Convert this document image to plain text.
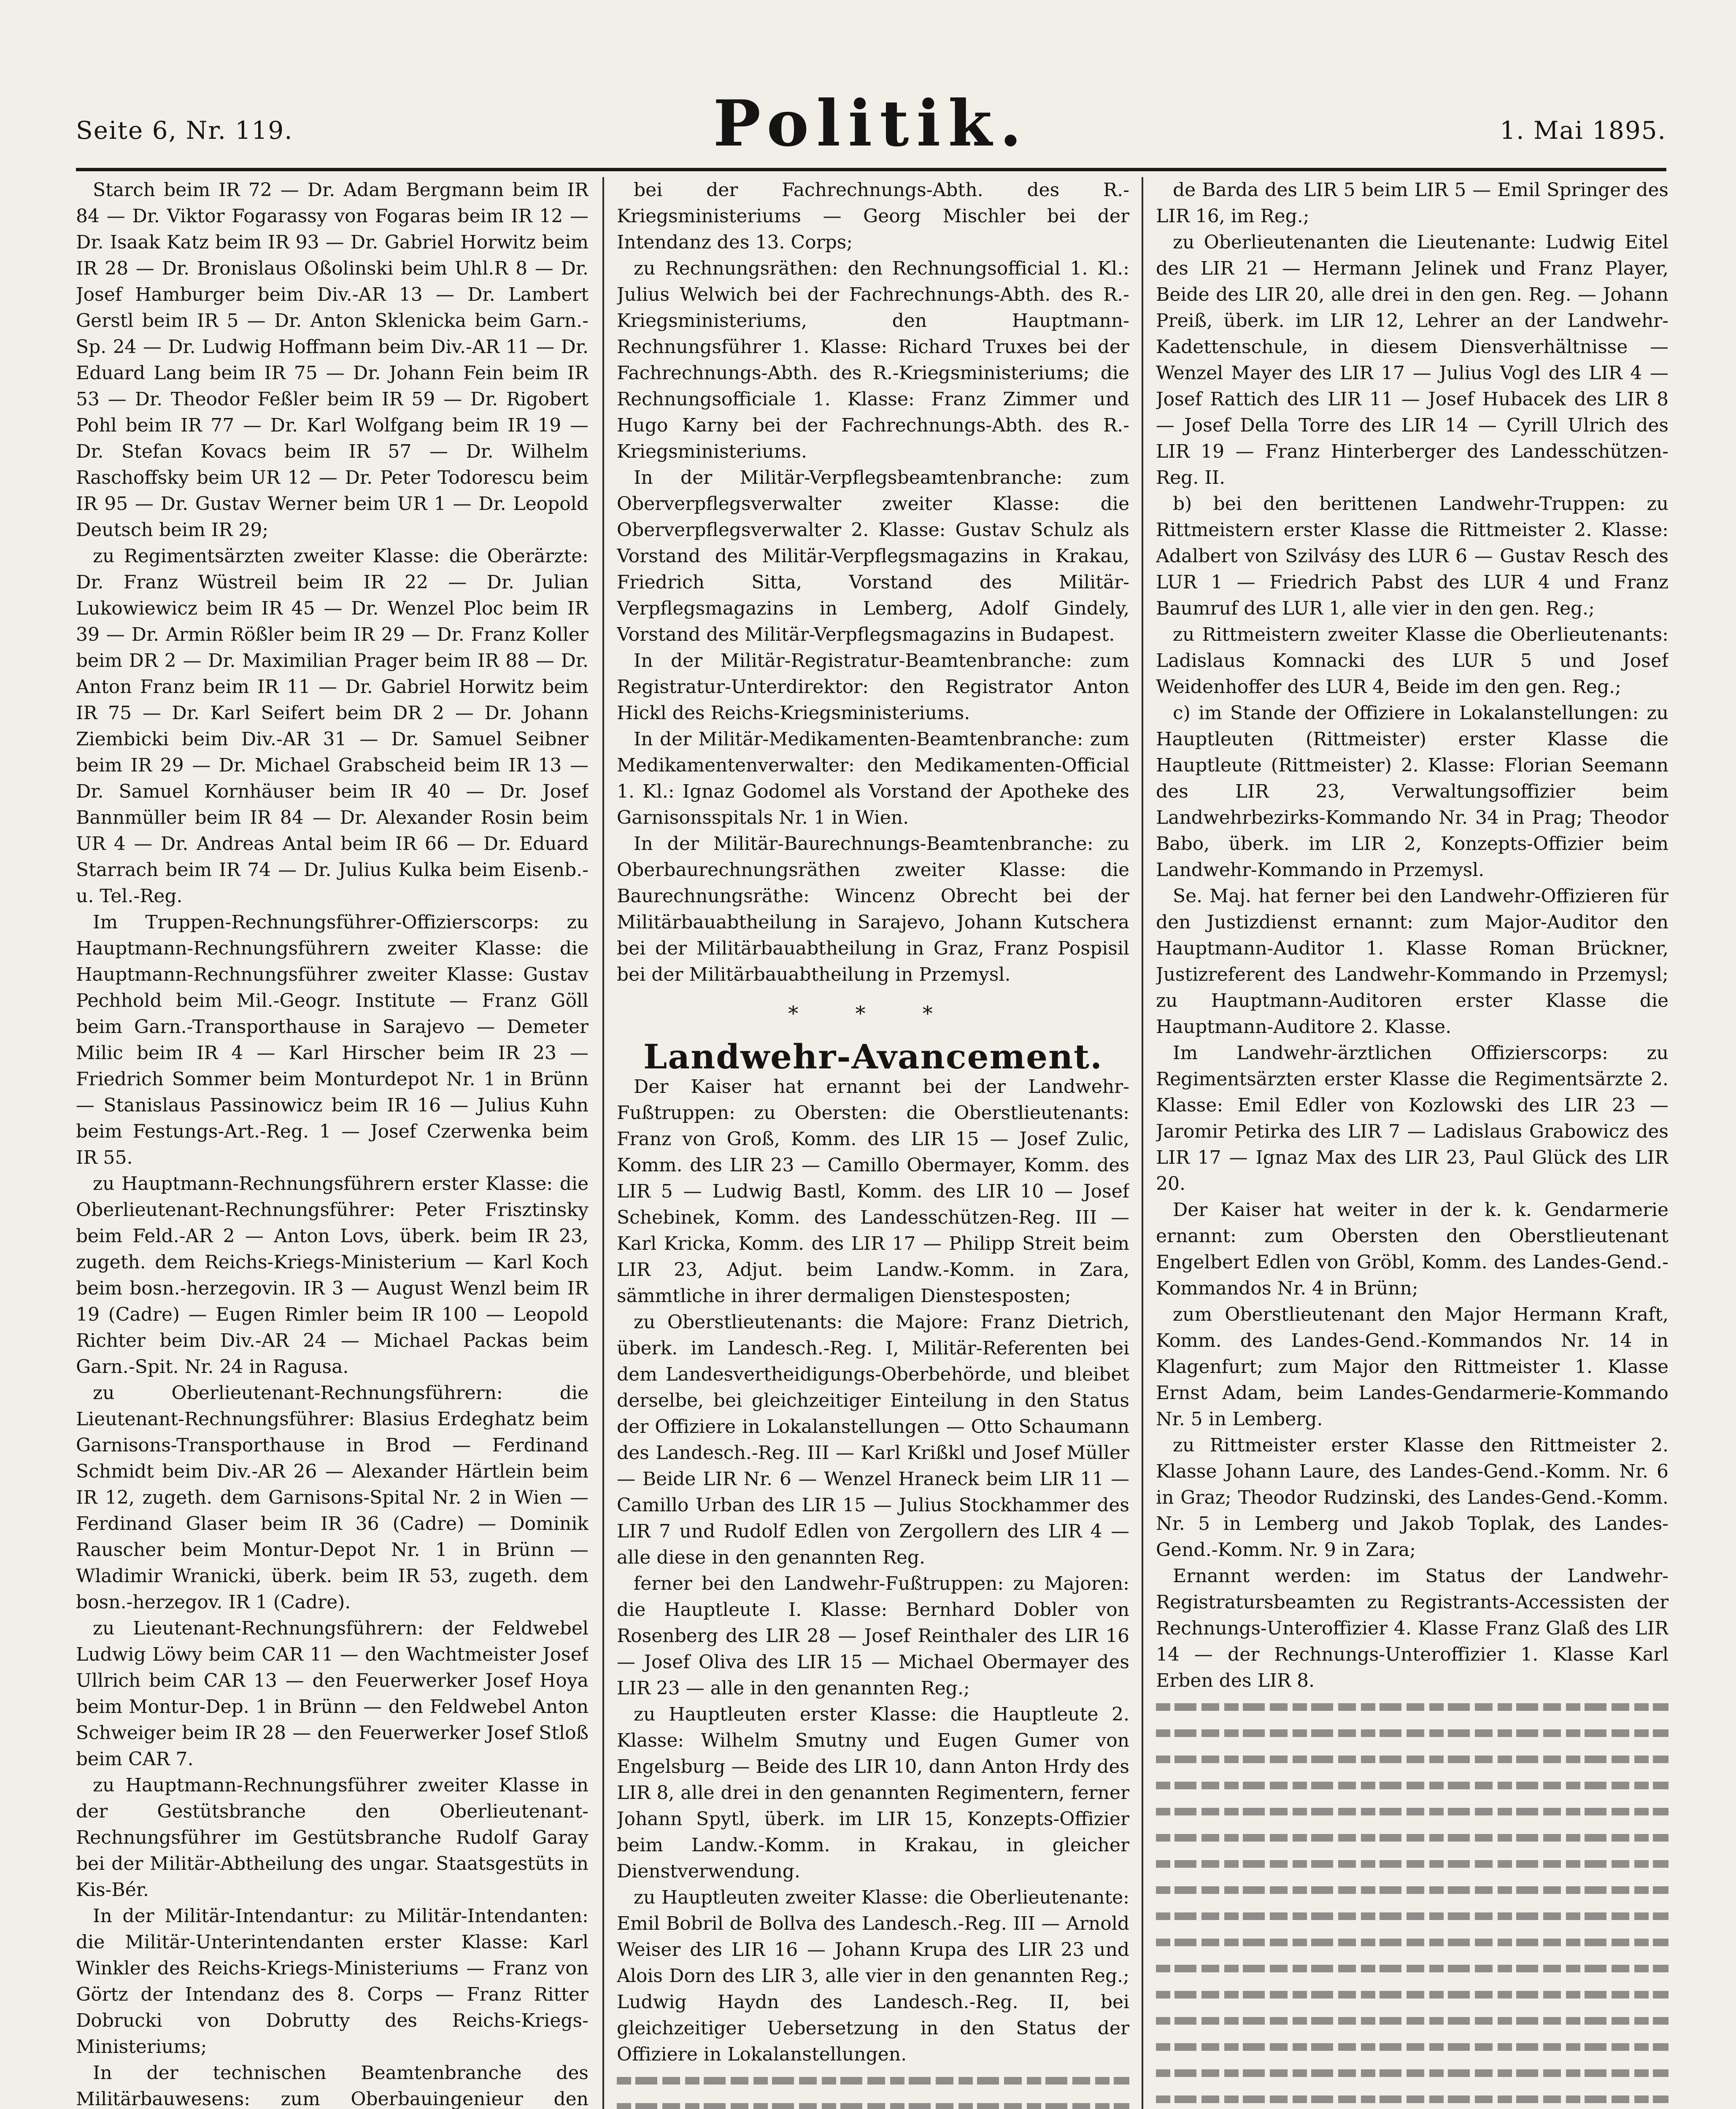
Seite 6, Nr. 119.	Politik.	1. Mai 1895.

Starch beim IR 72 — Dr. Adam Bergmann beim IR 84 — Dr. Viktor Fogarassy von Fogaras beim IR 12 — Dr. Isaak Katz beim IR 93 — Dr. Gabriel Horwitz beim IR 28 — Dr. Bronislaus Oßolinski beim Uhl.R 8 — Dr. Josef Hamburger beim Div.-AR 13 — Dr. Lambert Gerstl beim IR 5 — Dr. Anton Sklenicka beim Garn.-Sp. 24 — Dr. Ludwig Hoffmann beim Div.-AR 11 — Dr. Eduard Lang beim IR 75 — Dr. Johann Fein beim IR 53 — Dr. Theodor Feßler beim IR 59 — Dr. Rigobert Pohl beim IR 77 — Dr. Karl Wolfgang beim IR 19 — Dr. Stefan Kovacs beim IR 57 — Dr. Wilhelm Raschoffsky beim UR 12 — Dr. Peter Todorescu beim IR 95 — Dr. Gustav Werner beim UR 1 — Dr. Leopold Deutsch beim IR 29;

zu Regimentsärzten zweiter Klasse: die Oberärzte: Dr. Franz Wüstreil beim IR 22 — Dr. Julian Lukowiewicz beim IR 45 — Dr. Wenzel Ploc beim IR 39 — Dr. Armin Rößler beim IR 29 — Dr. Franz Koller beim DR 2 — Dr. Maximilian Prager beim IR 88 — Dr. Anton Franz beim IR 11 — Dr. Gabriel Horwitz beim IR 75 — Dr. Karl Seifert beim DR 2 — Dr. Johann Ziembicki beim Div.-AR 31 — Dr. Samuel Seibner beim IR 29 — Dr. Michael Grabscheid beim IR 13 — Dr. Samuel Kornhäuser beim IR 40 — Dr. Josef Bannmüller beim IR 84 — Dr. Alexander Rosin beim UR 4 — Dr. Andreas Antal beim IR 66 — Dr. Eduard Starrach beim IR 74 — Dr. Julius Kulka beim Eisenb.- u. Tel.-Reg.

Im Truppen-Rechnungsführer-Offizierscorps: zu Hauptmann-Rechnungsführern zweiter Klasse: die Hauptmann-Rechnungsführer zweiter Klasse: Gustav Pechhold beim Mil.-Geogr. Institute — Franz Göll beim Garn.-Transporthause in Sarajevo — Demeter Milic beim IR 4 — Karl Hirscher beim IR 23 — Friedrich Sommer beim Monturdepot Nr. 1 in Brünn — Stanislaus Passinowicz beim IR 16 — Julius Kuhn beim Festungs-Art.-Reg. 1 — Josef Czerwenka beim IR 55.

zu Hauptmann-Rechnungsführern erster Klasse: die Oberlieutenant-Rechnungsführer: Peter Frisztinsky beim Feld.-AR 2 — Anton Lovs, überk. beim IR 23, zugeth. dem Reichs-Kriegs-Ministerium — Karl Koch beim bosn.-herzegovin. IR 3 — August Wenzl beim IR 19 (Cadre) — Eugen Rimler beim IR 100 — Leopold Richter beim Div.-AR 24 — Michael Packas beim Garn.-Spit. Nr. 24 in Ragusa.

zu Oberlieutenant-Rechnungsführern: die Lieutenant-Rechnungsführer: Blasius Erdeghatz beim Garnisons-Transporthause in Brod — Ferdinand Schmidt beim Div.-AR 26 — Alexander Härtlein beim IR 12, zugeth. dem Garnisons-Spital Nr. 2 in Wien — Ferdinand Glaser beim IR 36 (Cadre) — Dominik Rauscher beim Montur-Depot Nr. 1 in Brünn — Wladimir Wranicki, überk. beim IR 53, zugeth. dem bosn.-herzegov. IR 1 (Cadre).

zu Lieutenant-Rechnungsführern: der Feldwebel Ludwig Löwy beim CAR 11 — den Wachtmeister Josef Ullrich beim CAR 13 — den Feuerwerker Josef Hoya beim Montur-Dep. 1 in Brünn — den Feldwebel Anton Schweiger beim IR 28 — den Feuerwerker Josef Stloß beim CAR 7.

zu Hauptmann-Rechnungsführer zweiter Klasse in der Gestütsbranche den Oberlieutenant-Rechnungsführer im Gestütsbranche Rudolf Garay bei der Militär-Abtheilung des ungar. Staatsgestüts in Kis-Bér.

In der Militär-Intendantur: zu Militär-Intendanten: die Militär-Unterintendanten erster Klasse: Karl Winkler des Reichs-Kriegs-Ministeriums — Franz von Görtz der Intendanz des 8. Corps — Franz Ritter Dobrucki von Dobrutty des Reichs-Kriegs-Ministeriums;

In der technischen Beamtenbranche des Militärbauwesens: zum Oberbauingenieur den

bei der Fachrechnungs-Abth. des R.-Kriegsministeriums — Georg Mischler bei der Intendanz des 13. Corps;

zu Rechnungsräthen: den Rechnungsofficial 1. Kl.: Julius Welwich bei der Fachrechnungs-Abth. des R.-Kriegsministeriums, den Hauptmann-Rechnungsführer 1. Klasse: Richard Truxes bei der Fachrechnungs-Abth. des R.-Kriegsministeriums; die Rechnungsofficiale 1. Klasse: Franz Zimmer und Hugo Karny bei der Fachrechnungs-Abth. des R.-Kriegsministeriums.

In der Militär-Verpflegsbeamtenbranche: zum Oberverpflegsverwalter zweiter Klasse: die Oberverpflegsverwalter 2. Klasse: Gustav Schulz als Vorstand des Militär-Verpflegsmagazins in Krakau, Friedrich Sitta, Vorstand des Militär-Verpflegsmagazins in Lemberg, Adolf Gindely, Vorstand des Militär-Verpflegsmagazins in Budapest.

In der Militär-Registratur-Beamtenbranche: zum Registratur-Unterdirektor: den Registrator Anton Hickl des Reichs-Kriegsministeriums.

In der Militär-Medikamenten-Beamtenbranche: zum Medikamentenverwalter: den Medikamenten-Official 1. Kl.: Ignaz Godomel als Vorstand der Apotheke des Garnisonsspitals Nr. 1 in Wien.

In der Militär-Baurechnungs-Beamtenbranche: zu Oberbaurechnungsräthen zweiter Klasse: die Baurechnungsräthe: Wincenz Obrecht bei der Militärbauabtheilung in Sarajevo, Johann Kutschera bei der Militärbauabtheilung in Graz, Franz Pospisil bei der Militärbauabtheilung in Przemysl.

* * *

Landwehr-Avancement.

Der Kaiser hat ernannt bei der Landwehr-Fußtruppen: zu Obersten: die Oberstlieutenants: Franz von Groß, Komm. des LIR 15 — Josef Zulic, Komm. des LIR 23 — Camillo Obermayer, Komm. des LIR 5 — Ludwig Bastl, Komm. des LIR 10 — Josef Schebinek, Komm. des Landesschützen-Reg. III — Karl Kricka, Komm. des LIR 17 — Philipp Streit beim LIR 23, Adjut. beim Landw.-Komm. in Zara, sämmtliche in ihrer dermaligen Dienstesposten;

zu Oberstlieutenants: die Majore: Franz Dietrich, überk. im Landesch.-Reg. I, Militär-Referenten bei dem Landesvertheidigungs-Oberbehörde, und bleibet derselbe, bei gleichzeitiger Einteilung in den Status der Offiziere in Lokalanstellungen — Otto Schaumann des Landesch.-Reg. III — Karl Krißkl und Josef Müller — Beide LIR Nr. 6 — Wenzel Hraneck beim LIR 11 — Camillo Urban des LIR 15 — Julius Stockhammer des LIR 7 und Rudolf Edlen von Zergollern des LIR 4 — alle diese in den genannten Reg.

ferner bei den Landwehr-Fußtruppen: zu Majoren: die Hauptleute I. Klasse: Bernhard Dobler von Rosenberg des LIR 28 — Josef Reinthaler des LIR 16 — Josef Oliva des LIR 15 — Michael Obermayer des LIR 23 — alle in den genannten Reg.;

zu Hauptleuten erster Klasse: die Hauptleute 2. Klasse: Wilhelm Smutny und Eugen Gumer von Engelsburg — Beide des LIR 10, dann Anton Hrdy des LIR 8, alle drei in den genannten Regimentern, ferner Johann Spytl, überk. im LIR 15, Konzepts-Offizier beim Landw.-Komm. in Krakau, in gleicher Dienstverwendung.

zu Hauptleuten zweiter Klasse: die Oberlieutenante: Emil Bobril de Bollva des Landesch.-Reg. III — Arnold Weiser des LIR 16 — Johann Krupa des LIR 23 und Alois Dorn des LIR 3, alle vier in den genannten Reg.; Ludwig Haydn des Landesch.-Reg. II, bei gleichzeitiger Uebersetzung in den Status der Offiziere in Lokalanstellungen.

de Barda des LIR 5 beim LIR 5 — Emil Springer des LIR 16, im Reg.;

zu Oberlieutenanten die Lieutenante: Ludwig Eitel des LIR 21 — Hermann Jelinek und Franz Player, Beide des LIR 20, alle drei in den gen. Reg. — Johann Preiß, überk. im LIR 12, Lehrer an der Landwehr-Kadettenschule, in diesem Diensverhältnisse — Wenzel Mayer des LIR 17 — Julius Vogl des LIR 4 — Josef Rattich des LIR 11 — Josef Hubacek des LIR 8 — Josef Della Torre des LIR 14 — Cyrill Ulrich des LIR 19 — Franz Hinterberger des Landesschützen-Reg. II.

b) bei den berittenen Landwehr-Truppen: zu Rittmeistern erster Klasse die Rittmeister 2. Klasse: Adalbert von Szilvásy des LUR 6 — Gustav Resch des LUR 1 — Friedrich Pabst des LUR 4 und Franz Baumruf des LUR 1, alle vier in den gen. Reg.;

zu Rittmeistern zweiter Klasse die Oberlieutenants: Ladislaus Komnacki des LUR 5 und Josef Weidenhoffer des LUR 4, Beide im den gen. Reg.;

c) im Stande der Offiziere in Lokalanstellungen: zu Hauptleuten (Rittmeister) erster Klasse die Hauptleute (Rittmeister) 2. Klasse: Florian Seemann des LIR 23, Verwaltungsoffizier beim Landwehrbezirks-Kommando Nr. 34 in Prag; Theodor Babo, überk. im LIR 2, Konzepts-Offizier beim Landwehr-Kommando in Przemysl.

Se. Maj. hat ferner bei den Landwehr-Offizieren für den Justizdienst ernannt: zum Major-Auditor den Hauptmann-Auditor 1. Klasse Roman Brückner, Justizreferent des Landwehr-Kommando in Przemysl; zu Hauptmann-Auditoren erster Klasse die Hauptmann-Auditore 2. Klasse.

Im Landwehr-ärztlichen Offizierscorps: zu Regimentsärzten erster Klasse die Regimentsärzte 2. Klasse: Emil Edler von Kozlowski des LIR 23 — Jaromir Petirka des LIR 7 — Ladislaus Grabowicz des LIR 17 — Ignaz Max des LIR 23, Paul Glück des LIR 20.

Der Kaiser hat weiter in der k. k. Gendarmerie ernannt: zum Obersten den Oberstlieutenant Engelbert Edlen von Gröbl, Komm. des Landes-Gend.-Kommandos Nr. 4 in Brünn;

zum Oberstlieutenant den Major Hermann Kraft, Komm. des Landes-Gend.-Kommandos Nr. 14 in Klagenfurt; zum Major den Rittmeister 1. Klasse Ernst Adam, beim Landes-Gendarmerie-Kommando Nr. 5 in Lemberg.

zu Rittmeister erster Klasse den Rittmeister 2. Klasse Johann Laure, des Landes-Gend.-Komm. Nr. 6 in Graz; Theodor Rudzinski, des Landes-Gend.-Komm. Nr. 5 in Lemberg und Jakob Toplak, des Landes-Gend.-Komm. Nr. 9 in Zara;

Ernannt werden: im Status der Landwehr-Registratursbeamten zu Registrants-Accessisten der Rechnungs-Unteroffizier 4. Klasse Franz Glaß des LIR 14 — der Rechnungs-Unteroffizier 1. Klasse Karl Erben des LIR 8.
